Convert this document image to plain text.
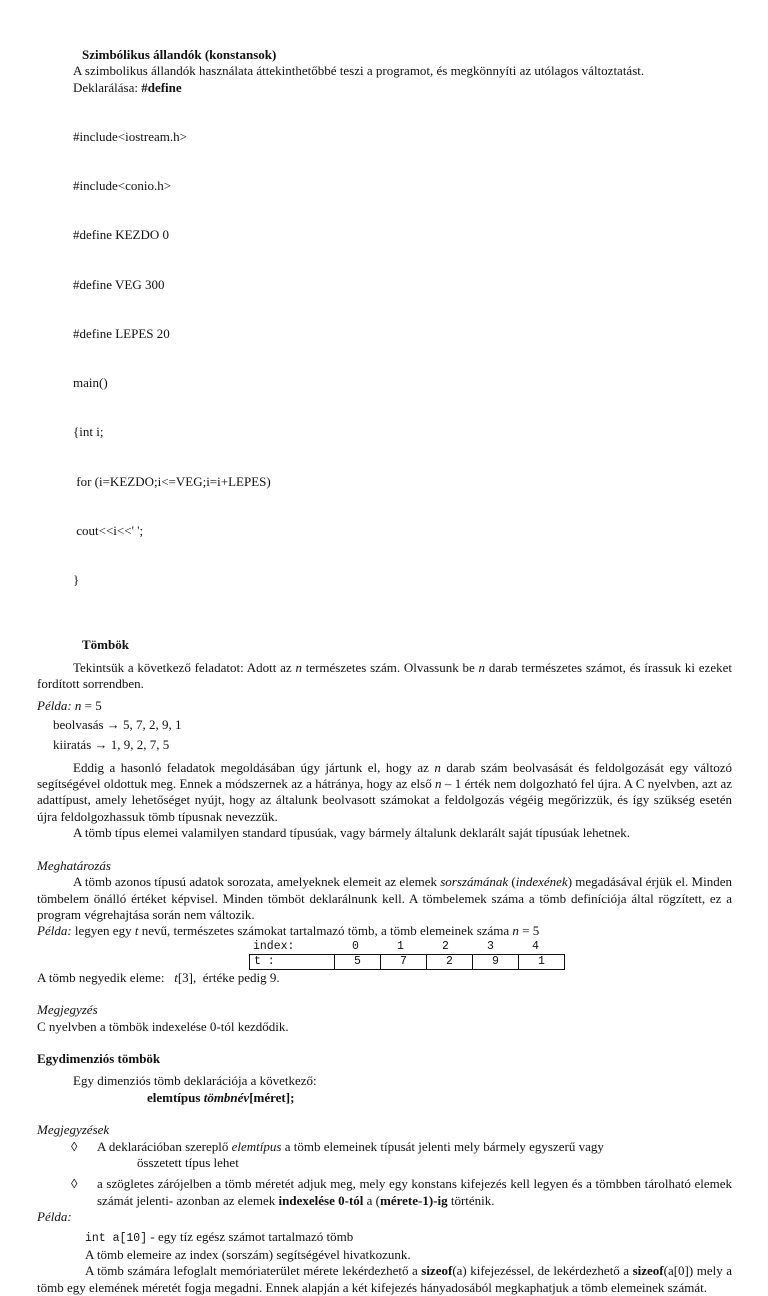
Szimbólikus állandók (konstansok)

A szimbolikus állandók használata áttekinthetőbbé teszi a programot, és megkönnyíti az utólagos változtatást.

Deklarálása: #define

#include<iostream.h>

#include<conio.h>

#define KEZDO 0

#define VEG 300

#define LEPES 20

main()

{int i;

for (i=KEZDO;i<=VEG;i=i+LEPES)

cout<<i<<' ';

}

Tömbök

Tekintsük a következő feladatot: Adott az n természetes szám. Olvassunk be n darab természetes számot, és írassuk ki ezeket fordított sorrendben.

Példa: n = 5

beolvasás → 5, 7, 2, 9, 1

kiiratás → 1, 9, 2, 7, 5

Eddig a hasonló feladatok megoldásában úgy jártunk el, hogy az n darab szám beolvasását és feldolgozását egy változó segítségével oldottuk meg. Ennek a módszernek az a hátránya, hogy az első n – 1 érték nem dolgozható fel újra. A C nyelvben, azt az adattípust, amely lehetőséget nyújt, hogy az általunk beolvasott számokat a feldolgozás végéig megőrizzük, és így szükség esetén újra feldolgozhassuk tömb típusnak nevezzük.

A tömb típus elemei valamilyen standard típusúak, vagy bármely általunk deklarált saját típusúak lehetnek.

Meghatározás

A tömb azonos típusú adatok sorozata, amelyeknek elemeit az elemek sorszámának (indexének) megadásával érjük el. Minden tömbelem önálló értéket képvisel. Minden tömböt deklarálnunk kell. A tömbelemek száma a tömb definíciója által rögzített, ez a program végrehajtása során nem változik.

Példa: legyen egy t nevű, természetes számokat tartalmazó tömb, a tömb elemeinek száma n = 5

index:	0	1	2	3	4
t :	5	7	2	9	1

A tömb negyedik eleme:   t[3],  értéke pedig 9.

Megjegyzés

C nyelvben a tömbök indexelése 0-tól kezdődik.

Egydimenziós tömbök

Egy dimenziós tömb deklarációja a következő:

elemtípus tömbnév[méret];

Megjegyzések

◊ A deklarációban szereplő elemtípus a tömb elemeinek típusát jelenti mely bármely egyszerű vagy
összetett típus lehet
◊ a szögletes zárójelben a tömb méretét adjuk meg, mely egy konstans kifejezés kell legyen és a tömbben tárolható elemek számát jelenti- azonban az elemek indexelése 0-tól a (mérete-1)-ig történik.

Példa:

int a[10] - egy tíz egész számot tartalmazó tömb

A tömb elemeire az index (sorszám) segítségével hivatkozunk.

A tömb számára lefoglalt memóriaterület mérete lekérdezhető a sizeof(a) kifejezéssel, de lekérdezhető a sizeof(a[0]) mely a tömb egy elemének méretét fogja megadni. Ennek alapján a két kifejezés hányadosából megkaphatjuk a tömb elemeinek számát.
